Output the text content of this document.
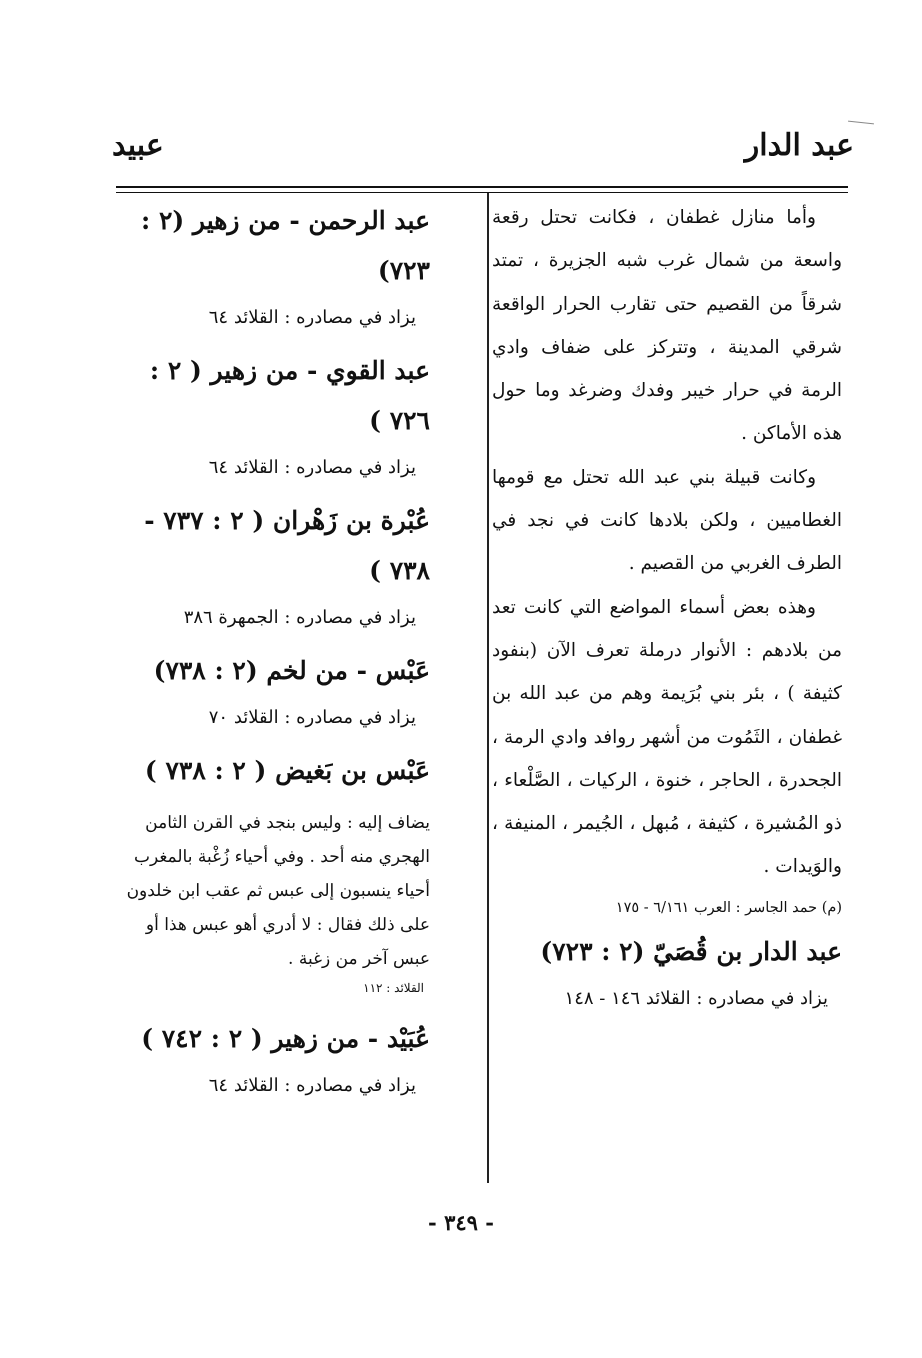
عبد الدار
عبيد

وأما منازل غطفان ، فكانت تحتل رقعة واسعة من شمال غرب شبه الجزيرة ، تمتد شرقاً من القصيم حتى تقارب الحرار الواقعة شرقي المدينة ، وتتركز على ضفاف وادي الرمة في حرار خيبر وفدك وضرغد وما حول هذه الأماكن .

وكانت قبيلة بني عبد الله تحتل مع قومها الغطاميين ، ولكن بلادها كانت في نجد في الطرف الغربي من القصيم .

وهذه بعض أسماء المواضع التي كانت تعد من بلادهم : الأنوار درملة تعرف الآن (بنفود كثيفة ) ، بئر بني بُرَيمة وهم من عبد الله بن غطفان ، الثَمُوت من أشهر روافد وادي الرمة ، الجحدرة ، الحاجر ، خنوة ، الركيات ، الصَّلْعاء ، ذو المُشيرة ، كثيفة ، مُبهل ، الجُيمر ، المنيفة ، والوَيدات .

(م) حمد الجاسر : العرب ٦/١٦١ - ١٧٥

عبد الدار بن قُصَيّ (٢ : ٧٢٣)

يزاد في مصادره : القلائد ١٤٦ - ١٤٨

عبد الرحمن - من زهير (٢ : ٧٢٣)

يزاد في مصادره : القلائد ٦٤

عبد القوي - من زهير ( ٢ : ٧٢٦ )

يزاد في مصادره : القلائد ٦٤

عُبْرة بن زَهْران ( ٢ : ٧٣٧ - ٧٣٨ )

يزاد في مصادره : الجمهرة ٣٨٦

عَبْس - من لخم (٢ : ٧٣٨)

يزاد في مصادره : القلائد ٧٠

عَبْس بن بَغيض ( ٢ : ٧٣٨ )

يضاف إليه : وليس بنجد في القرن الثامن الهجري منه أحد . وفي أحياء زُغْبة بالمغرب أحياء ينسبون إلى عبس ثم عقب ابن خلدون على ذلك فقال : لا أدري أهو عبس هذا أو عبس آخر من زغبة .

القلائد : ١١٢

عُبَيْد - من زهير ( ٢ : ٧٤٢ )

يزاد في مصادره : القلائد ٦٤

- ٣٤٩ -
